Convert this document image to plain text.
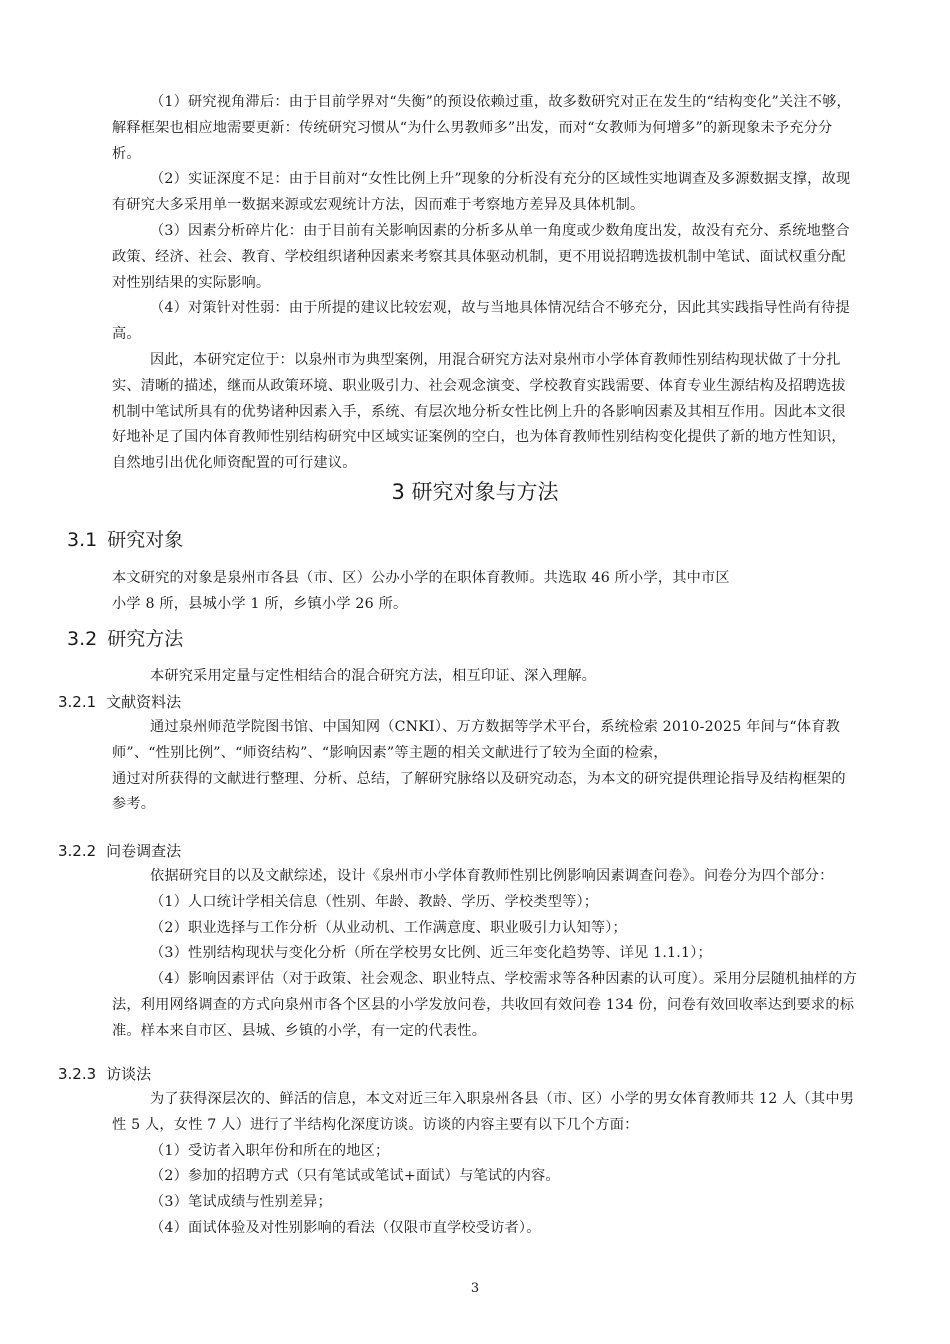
（1）研究视角滞后：由于目前学界对“失衡”的预设依赖过重，故多数研究对正在发生的“结构变化”关注不够，解释框架也相应地需要更新：传统研究习惯从“为什么男教师多”出发，而对“女教师为何增多”的新现象未予充分分析。

（2）实证深度不足：由于目前对“女性比例上升”现象的分析没有充分的区域性实地调查及多源数据支撑，故现有研究大多采用单一数据来源或宏观统计方法，因而难于考察地方差异及具体机制。

（3）因素分析碎片化：由于目前有关影响因素的分析多从单一角度或少数角度出发，故没有充分、系统地整合政策、经济、社会、教育、学校组织诸种因素来考察其具体驱动机制，更不用说招聘选拔机制中笔试、面试权重分配对性别结果的实际影响。

（4）对策针对性弱：由于所提的建议比较宏观，故与当地具体情况结合不够充分，因此其实践指导性尚有待提高。

因此，本研究定位于：以泉州市为典型案例，用混合研究方法对泉州市小学体育教师性别结构现状做了十分扎实、清晰的描述，继而从政策环境、职业吸引力、社会观念演变、学校教育实践需要、体育专业生源结构及招聘选拔机制中笔试所具有的优势诸种因素入手，系统、有层次地分析女性比例上升的各影响因素及其相互作用。因此本文很好地补足了国内体育教师性别结构研究中区域实证案例的空白，也为体育教师性别结构变化提供了新的地方性知识，自然地引出优化师资配置的可行建议。

3 研究对象与方法
3.1 研究对象

本文研究的对象是泉州市各县（市、区）公办小学的在职体育教师。共选取 46 所小学，其中市区

小学 8 所，县城小学 1 所，乡镇小学 26 所。

3.2 研究方法

本研究采用定量与定性相结合的混合研究方法，相互印证、深入理解。

3.2.1 文献资料法

通过泉州师范学院图书馆、中国知网（CNKI）、万方数据等学术平台，系统检索 2010-2025 年间与“体育教师”、“性别比例”、“师资结构”、“影响因素”等主题的相关文献进行了较为全面的检索，

通过对所获得的文献进行整理、分析、总结，了解研究脉络以及研究动态，为本文的研究提供理论指导及结构框架的参考。

3.2.2 问卷调查法

依据研究目的以及文献综述，设计《泉州市小学体育教师性别比例影响因素调查问卷》。问卷分为四个部分：

（1）人口统计学相关信息（性别、年龄、教龄、学历、学校类型等）；

（2）职业选择与工作分析（从业动机、工作满意度、职业吸引力认知等）；

（3）性别结构现状与变化分析（所在学校男女比例、近三年变化趋势等、详见 1.1.1）；

（4）影响因素评估（对于政策、社会观念、职业特点、学校需求等各种因素的认可度）。采用分层随机抽样的方法，利用网络调查的方式向泉州市各个区县的小学发放问卷，共收回有效问卷 134 份，问卷有效回收率达到要求的标准。样本来自市区、县城、乡镇的小学，有一定的代表性。

3.2.3 访谈法

为了获得深层次的、鲜活的信息，本文对近三年入职泉州各县（市、区）小学的男女体育教师共 12 人（其中男性 5 人，女性 7 人）进行了半结构化深度访谈。访谈的内容主要有以下几个方面：

（1）受访者入职年份和所在的地区；

（2）参加的招聘方式（只有笔试或笔试+面试）与笔试的内容。

（3）笔试成绩与性别差异；

（4）面试体验及对性别影响的看法（仅限市直学校受访者）。

3
